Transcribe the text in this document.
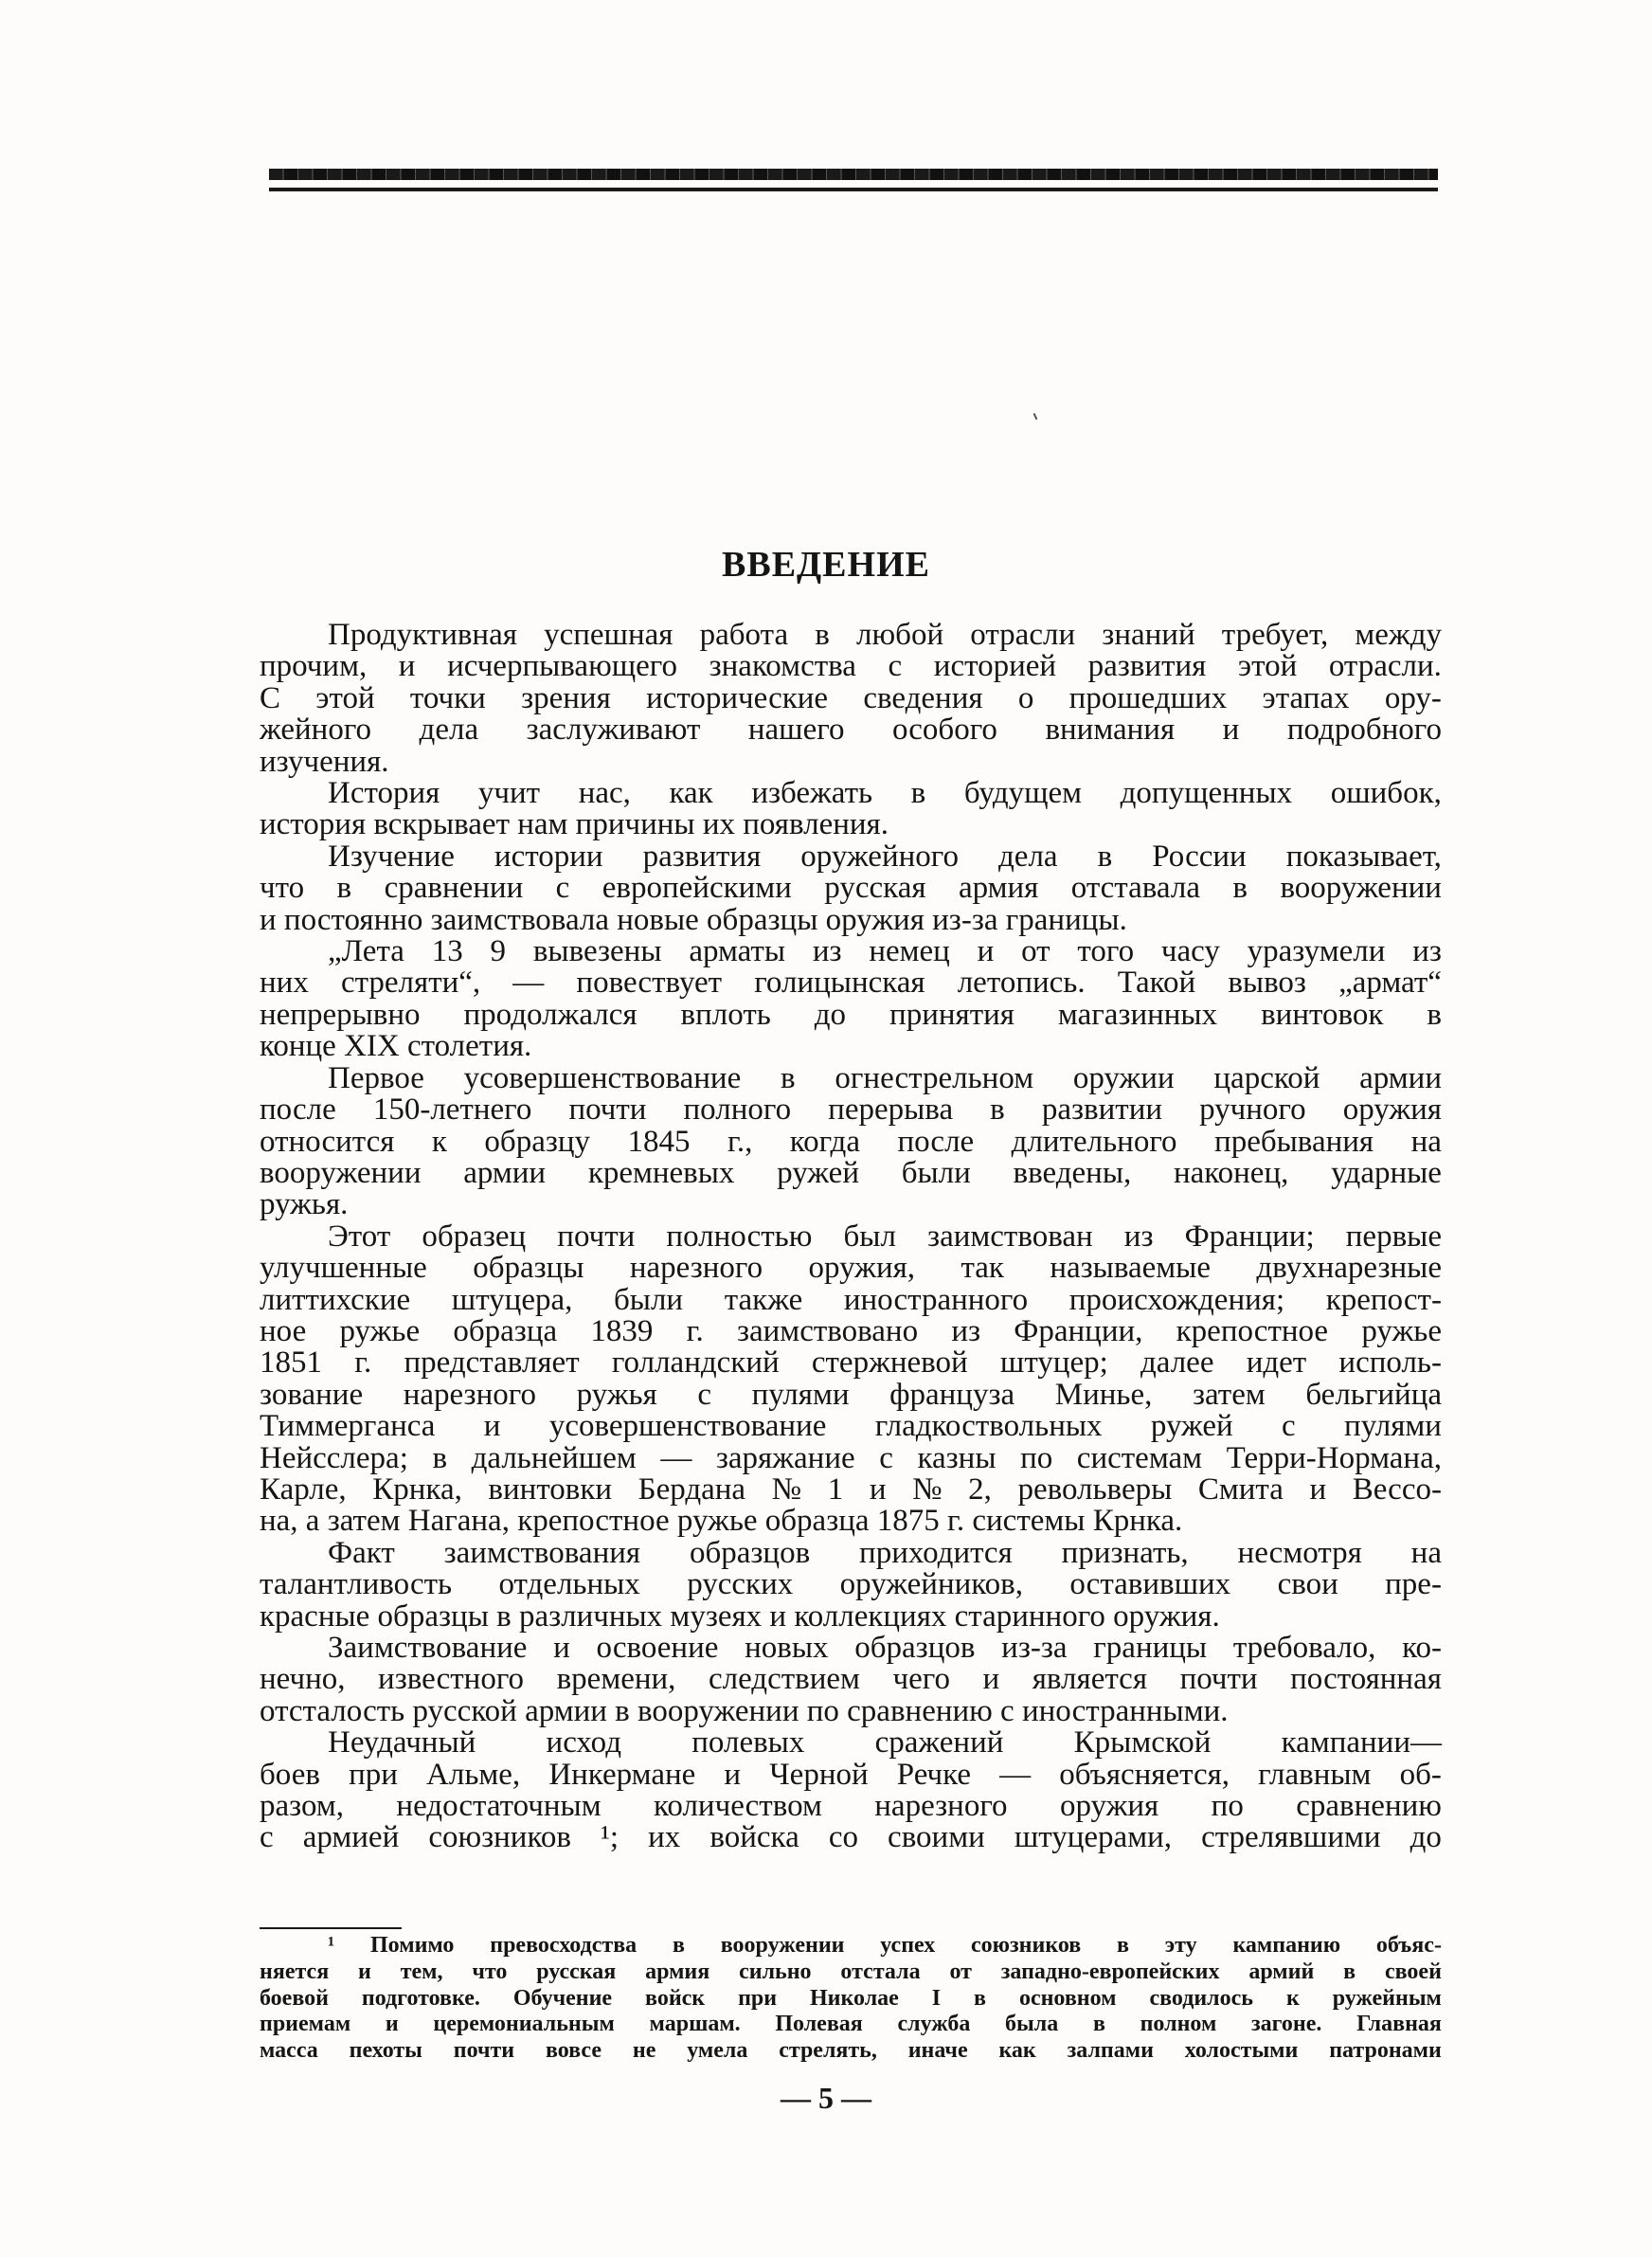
ВВЕДЕНИЕ
Продуктивная успешная работа в любой отрасли знаний требует, между
прочим, и исчерпывающего знакомства с историей развития этой отрасли.
С этой точки зрения исторические сведения о прошедших этапах ору-
жейного дела заслуживают нашего особого внимания и подробного
изучения.
История учит нас, как избежать в будущем допущенных ошибок,
история вскрывает нам причины их появления.
Изучение истории развития оружейного дела в России показывает,
что в сравнении с европейскими русская армия отставала в вооружении
и постоянно заимствовала новые образцы оружия из-за границы.
„Лета 13 9 вывезены арматы из немец и от того часу уразумели из
них стреляти“, — повествует голицынская летопись. Такой вывоз „армат“
непрерывно продолжался вплоть до принятия магазинных винтовок в
конце XIX столетия.
Первое усовершенствование в огнестрельном оружии царской армии
после 150-летнего почти полного перерыва в развитии ручного оружия
относится к образцу 1845 г., когда после длительного пребывания на
вооружении армии кремневых ружей были введены, наконец, ударные
ружья.
Этот образец почти полностью был заимствован из Франции; первые
улучшенные образцы нарезного оружия, так называемые двухнарезные
литтихские штуцера, были также иностранного происхождения; крепост-
ное ружье образца 1839 г. заимствовано из Франции, крепостное ружье
1851 г. представляет голландский стержневой штуцер; далее идет исполь-
зование нарезного ружья с пулями француза Минье, затем бельгийца
Тиммерганса и усовершенствование гладкоствольных ружей с пулями
Нейсслера; в дальнейшем — заряжание с казны по системам Терри-Нормана,
Карле, Крнка, винтовки Бердана № 1 и № 2, револьверы Смита и Вессо-
на, а затем Нагана, крепостное ружье образца 1875 г. системы Крнка.
Факт заимствования образцов приходится признать, несмотря на
талантливость отдельных русских оружейников, оставивших свои пре-
красные образцы в различных музеях и коллекциях старинного оружия.
Заимствование и освоение новых образцов из-за границы требовало, ко-
нечно, известного времени, следствием чего и является почти постоянная
отсталость русской армии в вооружении по сравнению с иностранными.
Неудачный исход полевых сражений Крымской кампании—
боев при Альме, Инкермане и Черной Речке — объясняется, главным об-
разом, недостаточным количеством нарезного оружия по сравнению
с армией союзников ¹; их войска со своими штуцерами, стрелявшими до
¹ Помимо превосходства в вооружении успех союзников в эту кампанию объяс-
няется и тем, что русская армия сильно отстала от западно-европейских армий в своей
боевой подготовке. Обучение войск при Николае I в основном сводилось к ружейным
приемам и церемониальным маршам. Полевая служба была в полном загоне. Главная
масса пехоты почти вовсе не умела стрелять, иначе как залпами холостыми патронами
— 5 —
